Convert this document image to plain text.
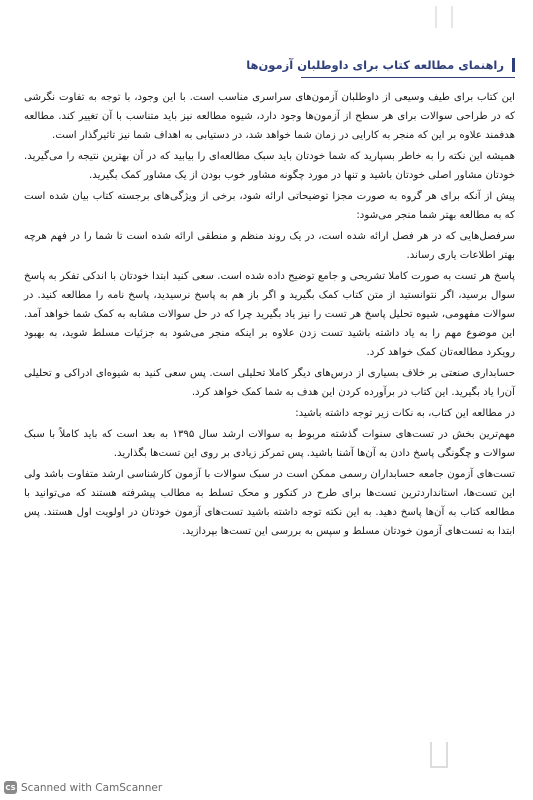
راهنمای مطالعه کتاب برای داوطلبان آزمون‌ها

این کتاب برای طیف وسیعی از داوطلبان آزمون‌های سراسری مناسب است. با این وجود، با توجه به تفاوت نگرشی که در طراحی سوالات برای هر سطح از آزمون‌ها وجود دارد، شیوه مطالعه نیز باید متناسب با آن تغییر کند. مطالعه هدفمند علاوه بر این که منجر به کارایی در زمان شما خواهد شد، در دستیابی به اهداف شما نیز تاثیرگذار است.

همیشه این نکته را به خاطر بسپارید که شما خودتان باید سبک مطالعه‌ای را بیابید که در آن بهترین نتیجه را می‌گیرید. خودتان مشاور اصلی خودتان باشید و تنها در مورد چگونه مشاور خوب بودن از یک مشاور کمک بگیرید.

پیش از آنکه برای هر گروه به صورت مجزا توضیحاتی ارائه شود، برخی از ویژگی‌های برجسته کتاب بیان شده است که به مطالعه بهتر شما منجر می‌شود:

سرفصل‌هایی که در هر فصل ارائه شده است، در یک روند منظم و منطقی ارائه شده است تا شما را در فهم هرچه بهتر اطلاعات یاری رساند.

پاسخ هر تست به صورت کاملا تشریحی و جامع توضیح داده شده است. سعی کنید ابتدا خودتان با اندکی تفکر به پاسخ سوال برسید، اگر نتوانستید از متن کتاب کمک بگیرید و اگر باز هم به پاسخ نرسیدید، پاسخ نامه را مطالعه کنید. در سوالات مفهومی، شیوه تحلیل پاسخ هر تست را نیز یاد بگیرید چرا که در حل سوالات مشابه به کمک شما خواهد آمد. این موضوع مهم را به یاد داشته باشید تست زدن علاوه بر اینکه منجر می‌شود به جزئیات مسلط شوید، به بهبود رویکرد مطالعه‌تان کمک خواهد کرد.

حسابداری صنعتی بر خلاف بسیاری از درس‌های دیگر کاملا تحلیلی است. پس سعی کنید به شیوه‌ای ادراکی و تحلیلی آن‌را یاد بگیرید. این کتاب در برآورده کردن این هدف به شما کمک خواهد کرد.

در مطالعه این کتاب، به نکات زیر توجه داشته باشید:

مهم‌ترین بخش در تست‌های سنوات گذشته مربوط به سوالات ارشد سال ۱۳۹۵ به بعد است که باید کاملاً با سبک سوالات و چگونگی پاسخ دادن به آن‌ها آشنا باشید. پس تمرکز زیادی بر روی این تست‌ها بگذارید.

تست‌های آزمون جامعه حسابداران رسمی ممکن است در سبک سوالات با آزمون کارشناسی ارشد متفاوت باشد ولی این تست‌ها، استانداردترین تست‌ها برای طرح در کنکور و محک تسلط به مطالب پیشرفته هستند که می‌توانید با مطالعه کتاب به آن‌ها پاسخ دهید. به این نکته توجه داشته باشید تست‌های آزمون خودتان در اولویت اول هستند. پس ابتدا به تست‌های آزمون خودتان مسلط و سپس به بررسی این تست‌ها بپردازید.

CS Scanned with CamScanner
